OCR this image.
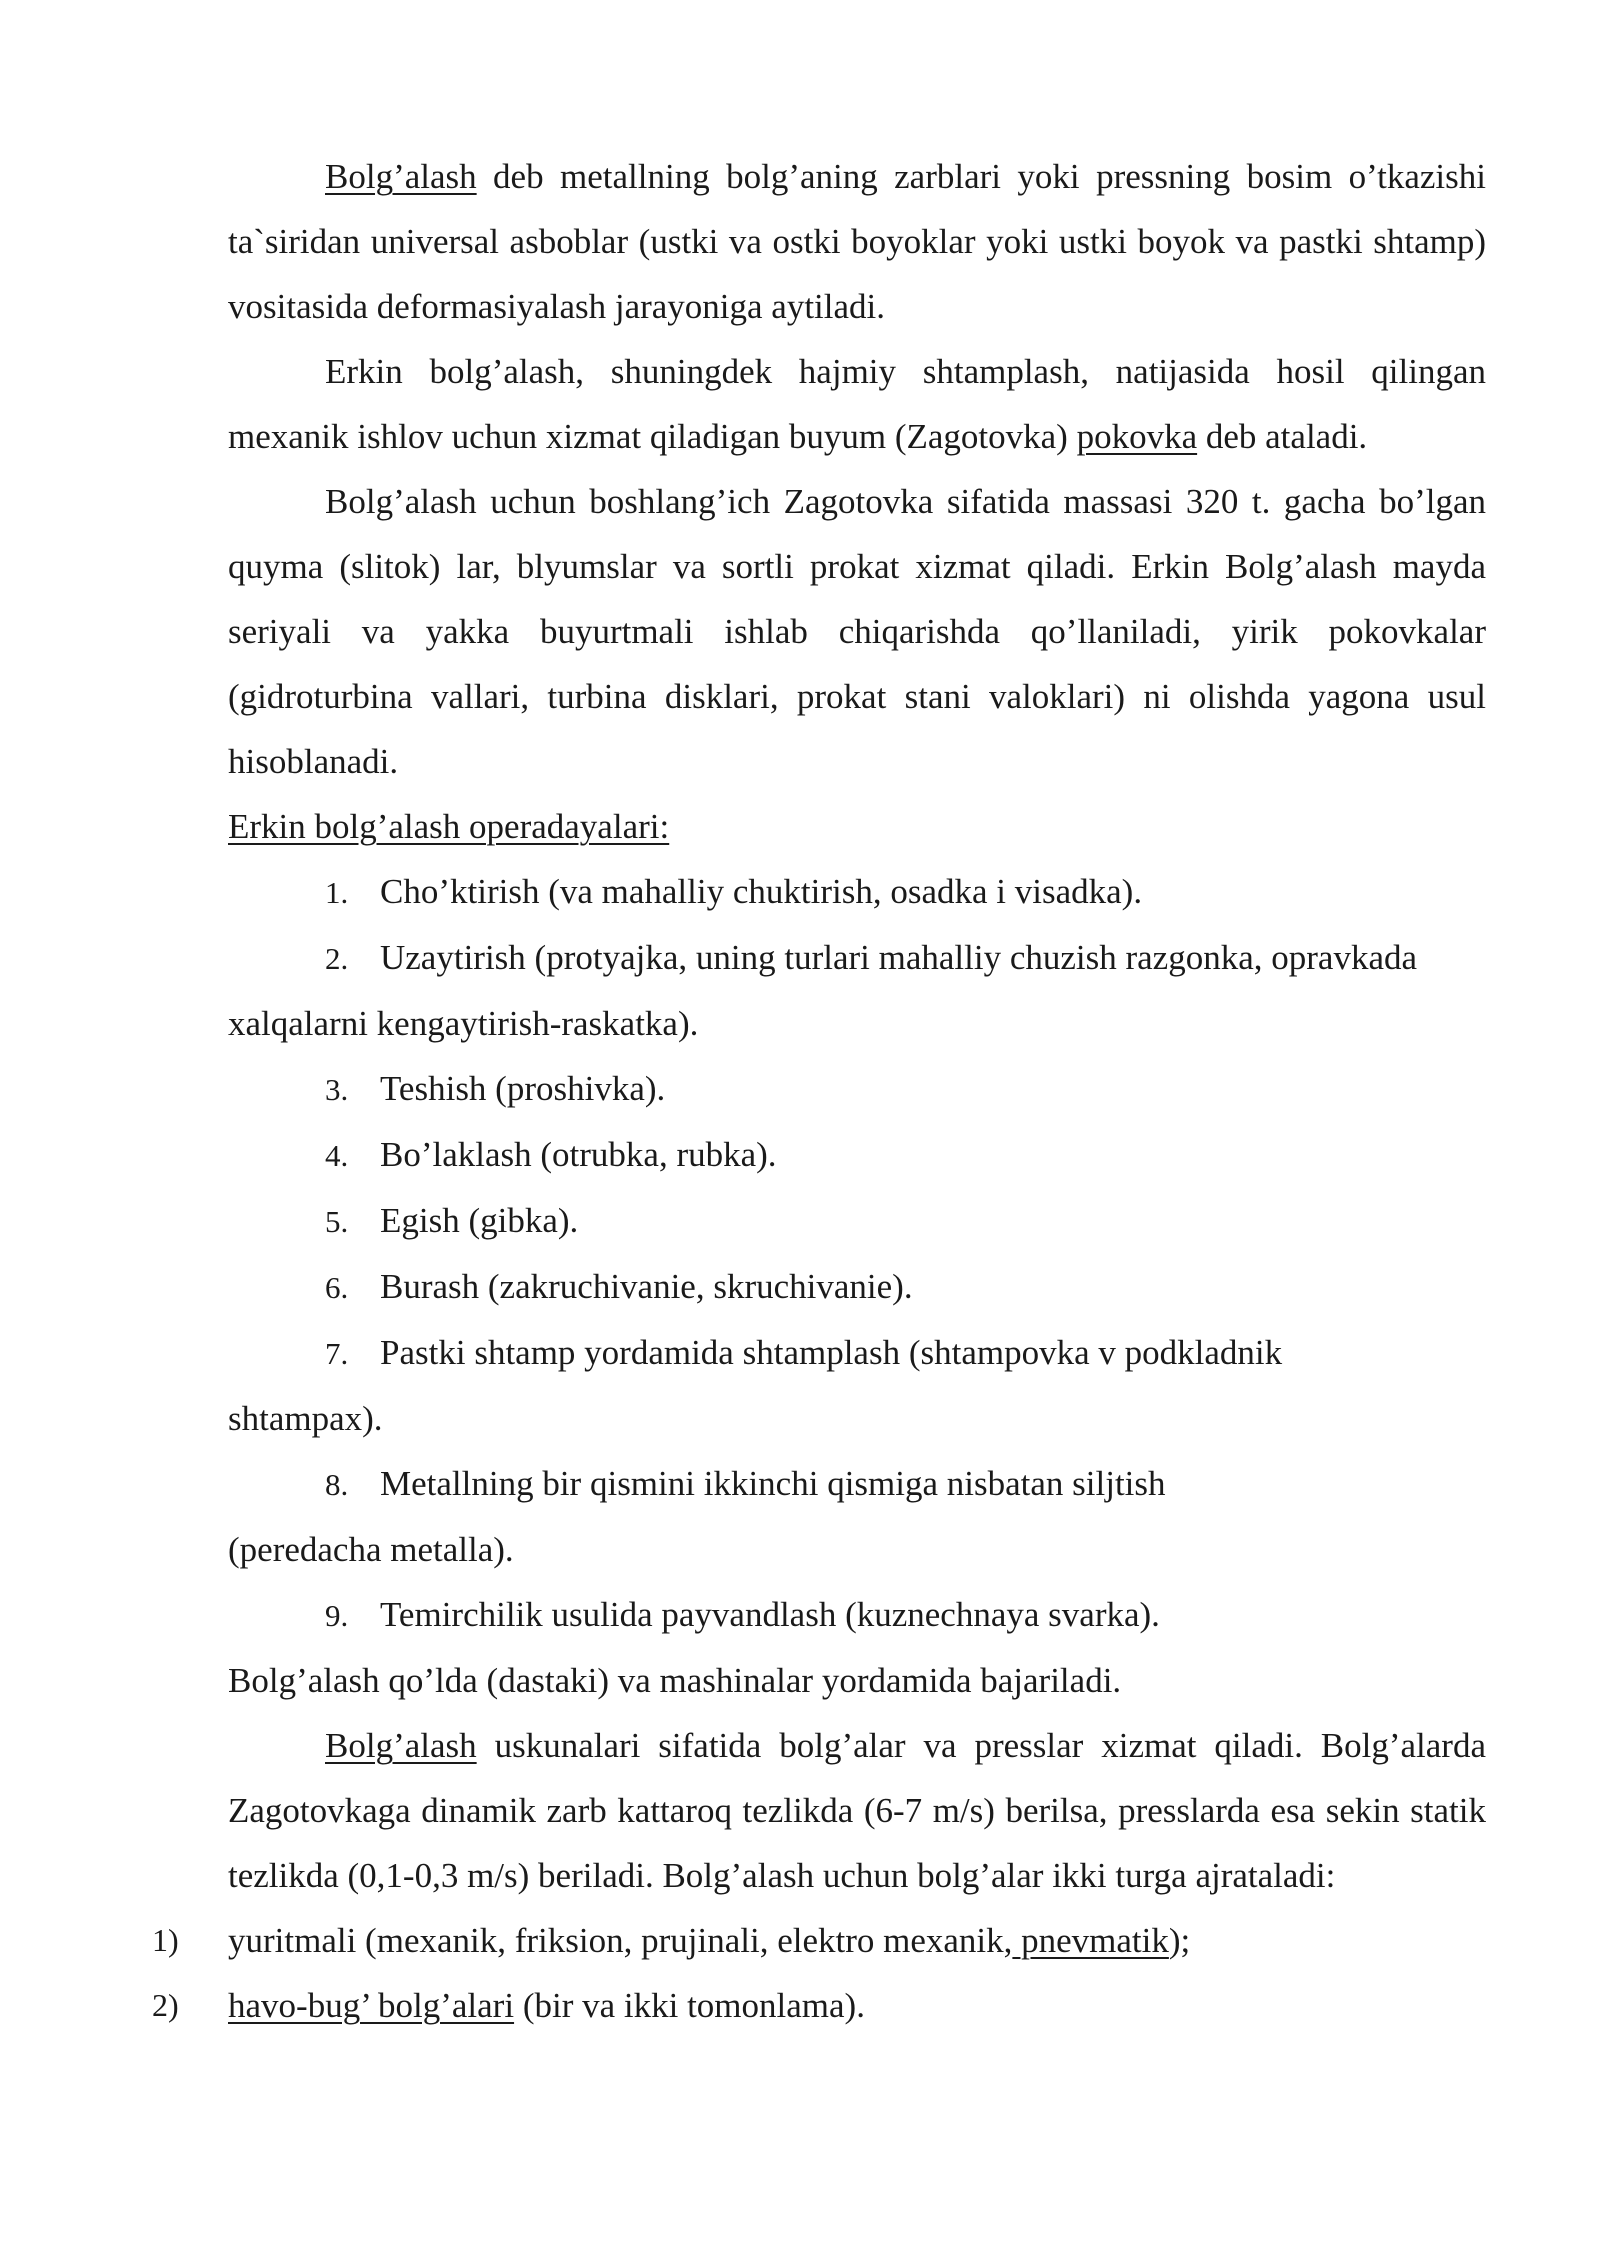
Bolg’alash deb metallning bolg’aning zarblari yoki pressning bosim o’tkazishi ta`siridan universal asboblar (ustki va ostki boyoklar yoki ustki boyok va pastki shtamp) vositasida deformasiyalash jarayoniga aytiladi.

Erkin bolg’alash, shuningdek hajmiy shtamplash, natijasida hosil qilingan mexanik ishlov uchun xizmat qiladigan buyum (Zagotovka) pokovka deb ataladi.

Bolg’alash uchun boshlang’ich Zagotovka sifatida massasi 320 t. gacha bo’lgan quyma (slitok) lar, blyumslar va sortli prokat xizmat qiladi. Erkin Bolg’alash mayda seriyali va yakka buyurtmali ishlab chiqarishda qo’llaniladi, yirik pokovkalar (gidroturbina vallari, turbina disklari, prokat stani valoklari) ni olishda yagona usul hisoblanadi.

Erkin bolg’alash operadayalari:

1. Cho’ktirish (va mahalliy chuktirish, osadka i visadka).

2. Uzaytirish (protyajka, uning turlari mahalliy chuzish razgonka, opravkada

xalqalarni kengaytirish-raskatka).

3. Teshish (proshivka).

4. Bo’laklash (otrubka, rubka).

5. Egish (gibka).

6. Burash (zakruchivanie, skruchivanie).

7. Pastki shtamp yordamida shtamplash (shtampovka v podkladnik

shtampax).

8. Metallning bir qismini ikkinchi qismiga nisbatan siljtish

(peredacha metalla).

9. Temirchilik usulida payvandlash (kuznechnaya svarka).

Bolg’alash qo’lda (dastaki) va mashinalar yordamida bajariladi.

Bolg’alash uskunalari sifatida bolg’alar va presslar xizmat qiladi. Bolg’alarda Zagotovkaga dinamik zarb kattaroq tezlikda (6-7 m/s) berilsa, presslarda esa sekin statik tezlikda (0,1-0,3 m/s) beriladi. Bolg’alash uchun bolg’alar ikki turga ajrataladi:

1) yuritmali (mexanik, friksion, prujinali, elektro mexanik, pnevmatik);

2) havo-bug’ bolg’alari (bir va ikki tomonlama).
